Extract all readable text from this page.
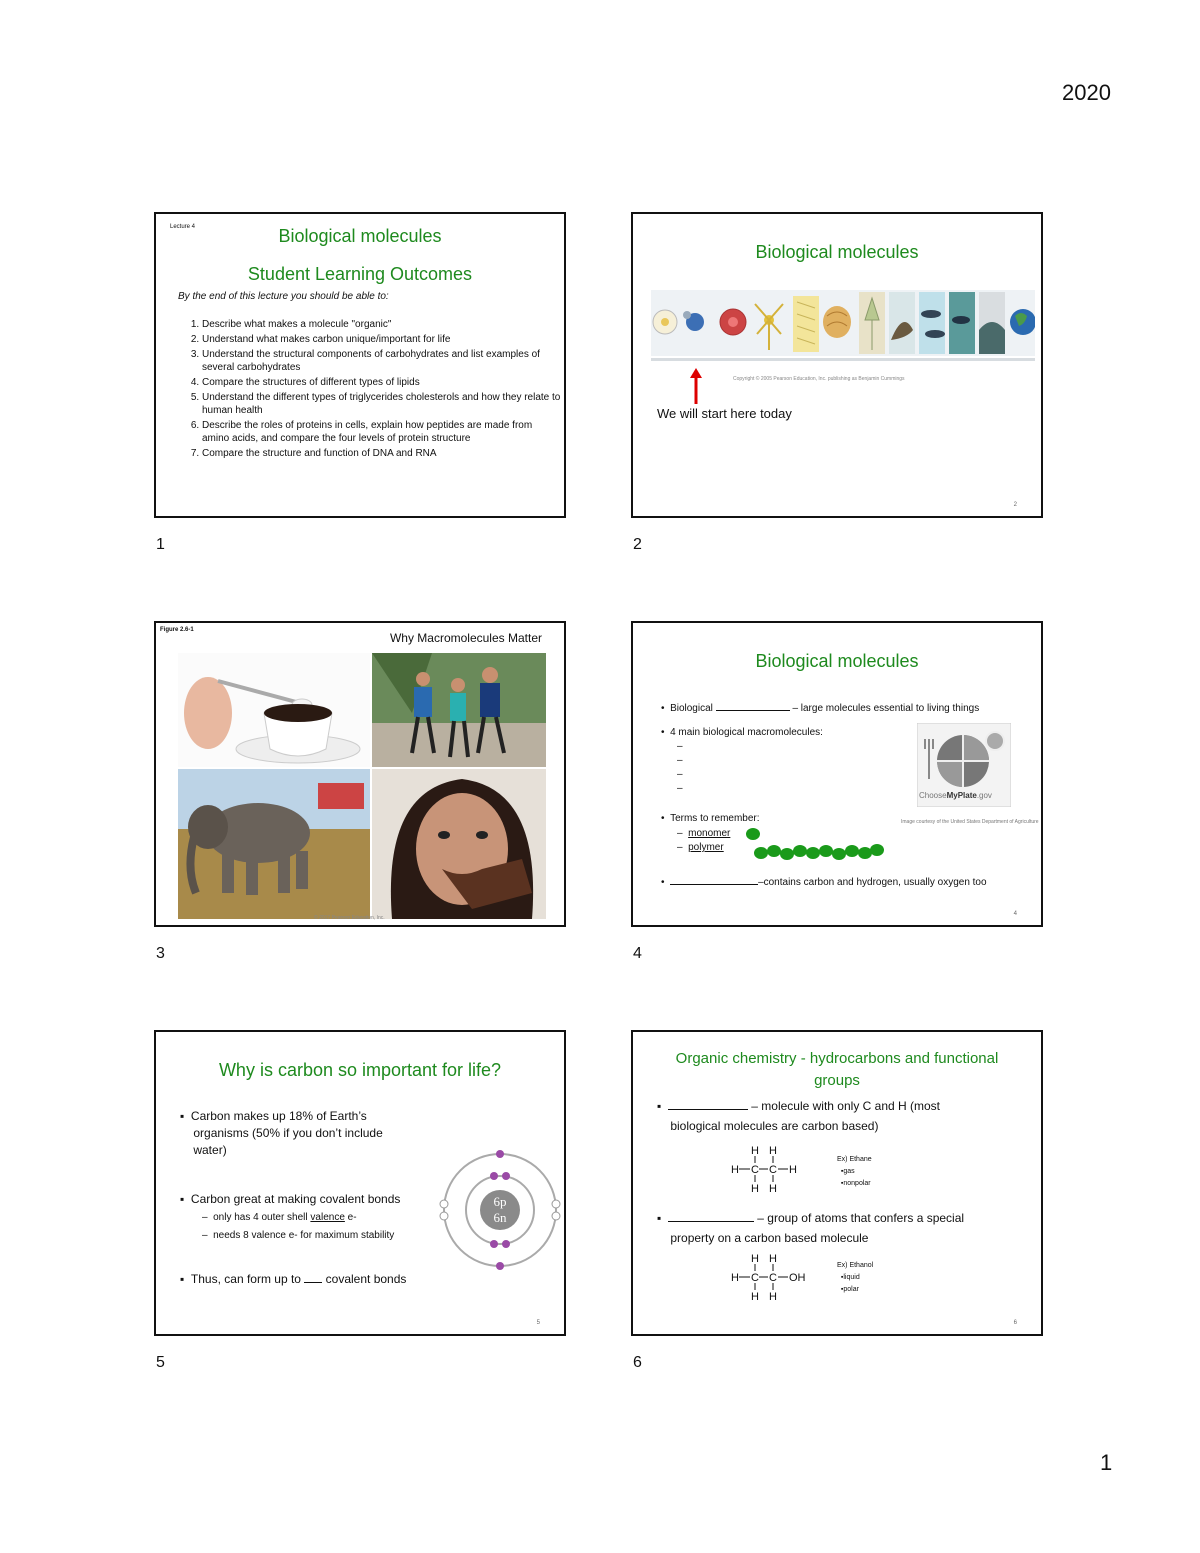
2020
Lecture 4	Biological molecules
Student Learning Outcomes
By the end of this lecture you should be able to:
1. Describe what makes a molecule "organic"
2. Understand what makes carbon unique/important for life
3. Understand the structural components of carbohydrates and list examples of several carbohydrates
4. Compare the structures of different types of lipids
5. Understand the different types of triglycerides cholesterols and how they relate to human health
6. Describe the roles of proteins in cells, explain how peptides are made from amino acids, and compare the four levels of protein structure
7. Compare the structure and function of DNA and RNA
1
Biological molecules
Copyright © 2005 Pearson Education, Inc. publishing as Benjamin Cummings
We will start here today
2
2
Figure 2.6-1
Why Macromolecules Matter
© 2017 Pearson Education, Inc.
3
Biological molecules
•  Biological	– large molecules essential to living things
•  4 main biological macromolecules:
–
–
–
–
ChooseMyPlate.gov
Image courtesy of the United States Department of Agriculture
•  Terms to remember:
–  monomer
–  polymer
•	–contains carbon and hydrogen, usually oxygen too
4
4
Why is carbon so important for life?
▪  Carbon makes up 18% of Earth’s
organisms (50% if you don’t include
water)
▪  Carbon great at making covalent bonds
–  only has 4 outer shell valence e-
–  needs 8 valence e- for maximum stability
▪  Thus, can form up to covalent bonds
6p
6n
5
5
Organic chemistry - hydrocarbons and functional
groups
▪	– molecule with only C and H (most
biological molecules are carbon based)
H H
H C C H
H H
Ex) Ethane
▪gas
▪nonpolar
▪	– group of atoms that confers a special
property on a carbon based molecule
H H
H C C OH
H H
Ex) Ethanol
▪liquid
▪polar
6
6
1
